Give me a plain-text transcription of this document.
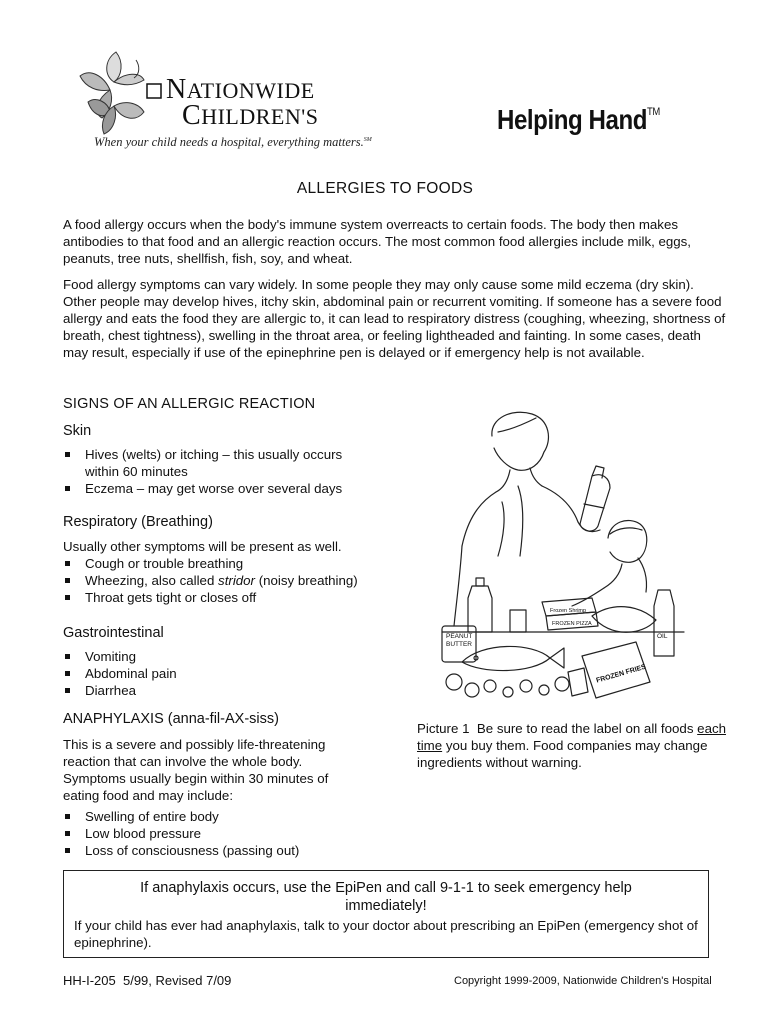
NATIONWIDE
CHILDREN'S
When your child needs a hospital, everything matters.℠
Helping Hand™
ALLERGIES TO FOODS
A food allergy occurs when the body's immune system overreacts to certain foods. The body then makes antibodies to that food and an allergic reaction occurs. The most common food allergies include milk, eggs, peanuts, tree nuts, shellfish, fish, soy, and wheat.
Food allergy symptoms can vary widely. In some people they may only cause some mild eczema (dry skin). Other people may develop hives, itchy skin, abdominal pain or recurrent vomiting. If someone has a severe food allergy and eats the food they are allergic to, it can lead to respiratory distress (coughing, wheezing, shortness of breath, chest tightness), swelling in the throat area, or feeling lightheaded and fainting. In some cases, death may result, especially if use of the epinephrine pen is delayed or if emergency help is not available.
SIGNS OF AN ALLERGIC REACTION
Skin
Hives (welts) or itching – this usually occurs within 60 minutes
Eczema – may get worse over several days
Respiratory (Breathing)
Usually other symptoms will be present as well.
Cough or trouble breathing
Wheezing, also called stridor (noisy breathing)
Throat gets tight or closes off
Gastrointestinal
Vomiting
Abdominal pain
Diarrhea
ANAPHYLAXIS (anna-fil-AX-siss)
This is a severe and possibly life-threatening reaction that can involve the whole body. Symptoms usually begin within 30 minutes of eating food and may include:
Swelling of entire body
Low blood pressure
Loss of consciousness (passing out)
PEANUT
BUTTER
Frozen Shrimp
FROZEN PIZZA
FROZEN FRIES
OIL
Picture 1 Be sure to read the label on all foods each time you buy them. Food companies may change ingredients without warning.
If anaphylaxis occurs, use the EpiPen and call 9-1-1 to seek emergency help immediately!
If your child has ever had anaphylaxis, talk to your doctor about prescribing an EpiPen (emergency shot of epinephrine).
HH-I-205 5/99, Revised 7/09	Copyright 1999-2009, Nationwide Children's Hospital
